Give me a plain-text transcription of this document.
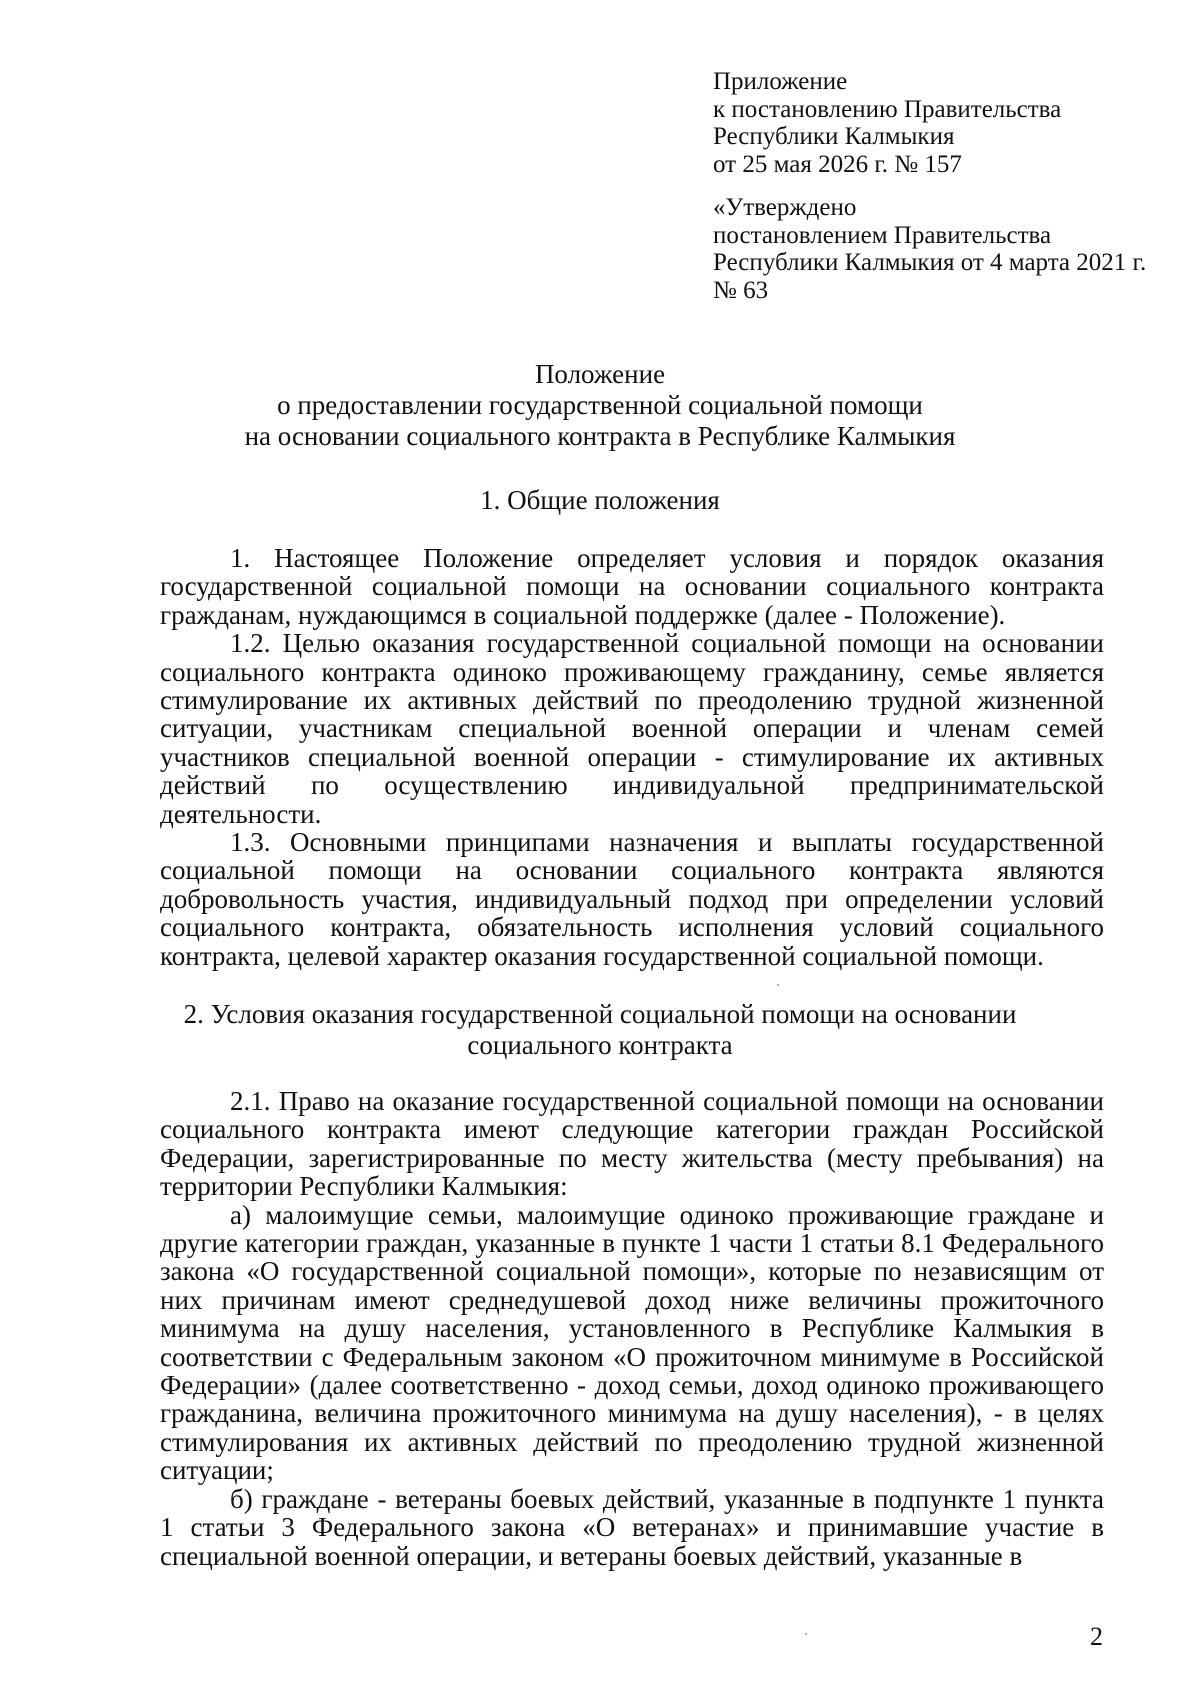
Приложение
к постановлению Правительства
Республики Калмыкия
от 25 мая 2026 г. № 157
«Утверждено
постановлением Правительства
Республики Калмыкия от 4 марта 2021 г.
№ 63
Положение
о предоставлении государственной социальной помощи
на основании социального контракта в Республике Калмыкия
1. Общие положения

1. Настоящее Положение определяет условия и порядок оказания государственной социальной помощи на основании социального контракта гражданам, нуждающимся в социальной поддержке (далее - Положение).

1.2. Целью оказания государственной социальной помощи на основании социального контракта одиноко проживающему гражданину, семье является стимулирование их активных действий по преодолению трудной жизненной ситуации, участникам специальной военной операции и членам семей участников специальной военной операции - стимулирование их активных действий по осуществлению индивидуальной предпринимательской деятельности.

1.3. Основными принципами назначения и выплаты государственной социальной помощи на основании социального контракта являются добровольность участия, индивидуальный подход при определении условий социального контракта, обязательность исполнения условий социального контракта, целевой характер оказания государственной социальной помощи.

2. Условия оказания государственной социальной помощи на основании
социального контракта

2.1. Право на оказание государственной социальной помощи на основании социального контракта имеют следующие категории граждан Российской Федерации, зарегистрированные по месту жительства (месту пребывания) на территории Республики Калмыкия:

а) малоимущие семьи, малоимущие одиноко проживающие граждане и другие категории граждан, указанные в пункте 1 части 1 статьи 8.1 Федерального закона «О государственной социальной помощи», которые по независящим от них причинам имеют среднедушевой доход ниже величины прожиточного минимума на душу населения, установленного в Республике Калмыкия в соответствии с Федеральным законом «О прожиточном минимуме в Российской Федерации» (далее соответственно - доход семьи, доход одиноко проживающего гражданина, величина прожиточного минимума на душу населения), - в целях стимулирования их активных действий по преодолению трудной жизненной ситуации;

б) граждане - ветераны боевых действий, указанные в подпункте 1 пункта 1 статьи 3 Федерального закона «О ветеранах» и принимавшие участие в специальной военной операции, и ветераны боевых действий, указанные в

2
